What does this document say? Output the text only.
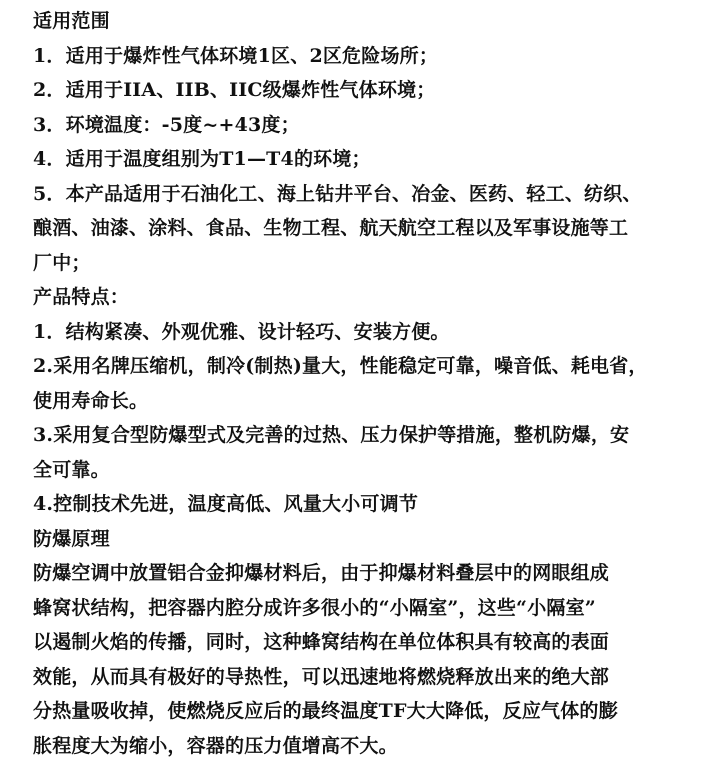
适用范围
1．适用于爆炸性气体环境1区、2区危险场所；
2．适用于IIA、IIB、IIC级爆炸性气体环境；
3．环境温度：-5度~+43度；
4．适用于温度组别为T1—T4的环境；
5．本产品适用于石油化工、海上钻井平台、冶金、医药、轻工、纺织、
酿酒、油漆、涂料、食品、生物工程、航天航空工程以及军事设施等工
厂中；
产品特点：
1．结构紧凑、外观优雅、设计轻巧、安装方便。
2.采用名牌压缩机，制冷(制热)量大，性能稳定可靠，噪音低、耗电省，
使用寿命长。
3.采用复合型防爆型式及完善的过热、压力保护等措施，整机防爆，安
全可靠。
4.控制技术先进，温度高低、风量大小可调节
防爆原理
防爆空调中放置铝合金抑爆材料后，由于抑爆材料叠层中的网眼组成
蜂窝状结构，把容器内腔分成许多很小的“小隔室”，这些“小隔室”
以遏制火焰的传播，同时，这种蜂窝结构在单位体积具有较高的表面
效能，从而具有极好的导热性，可以迅速地将燃烧释放出来的绝大部
分热量吸收掉，使燃烧反应后的最终温度TF大大降低，反应气体的膨
胀程度大为缩小，容器的压力值增高不大。
